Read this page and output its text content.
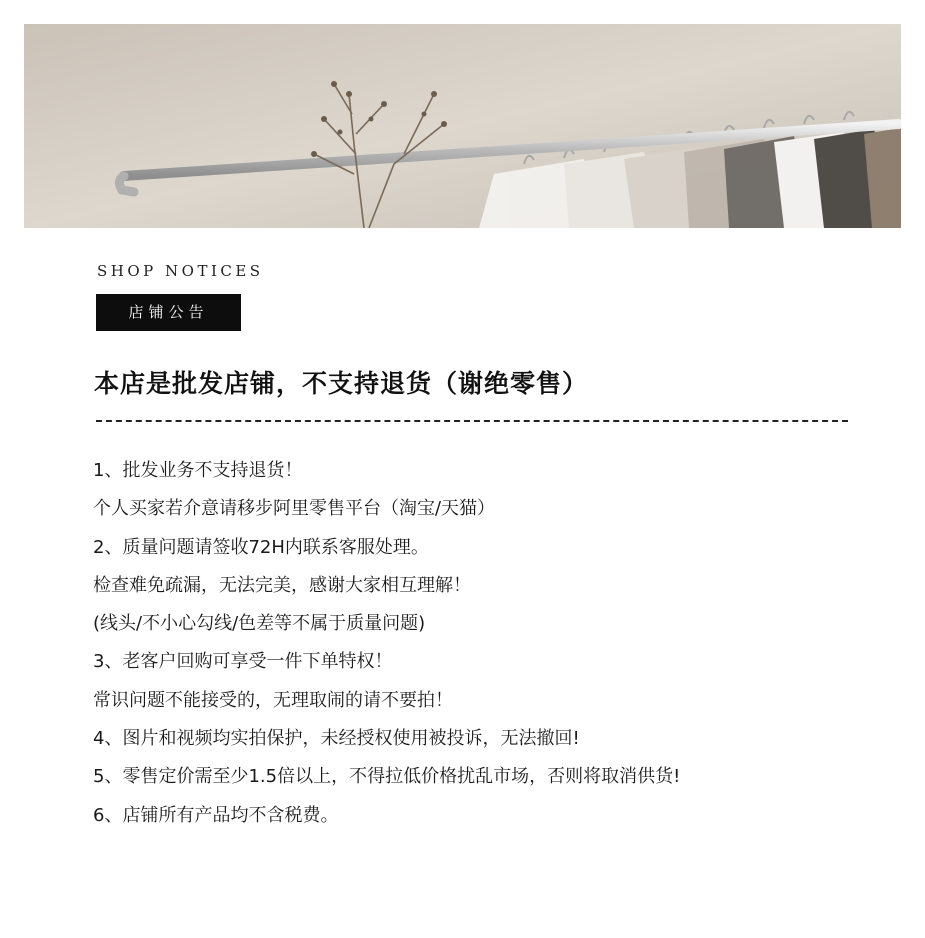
SHOP NOTICES
店铺公告
本店是批发店铺，不支持退货（谢绝零售）
1、批发业务不支持退货！
个人买家若介意请移步阿里零售平台（淘宝/天猫）
2、质量问题请签收72H内联系客服处理。
检查难免疏漏，无法完美，感谢大家相互理解！
(线头/不小心勾线/色差等不属于质量问题)
3、老客户回购可享受一件下单特权！
常识问题不能接受的，无理取闹的请不要拍！
4、图片和视频均实拍保护，未经授权使用被投诉，无法撤回!
5、零售定价需至少1.5倍以上，不得拉低价格扰乱市场，否则将取消供货!
6、店铺所有产品均不含税费。
